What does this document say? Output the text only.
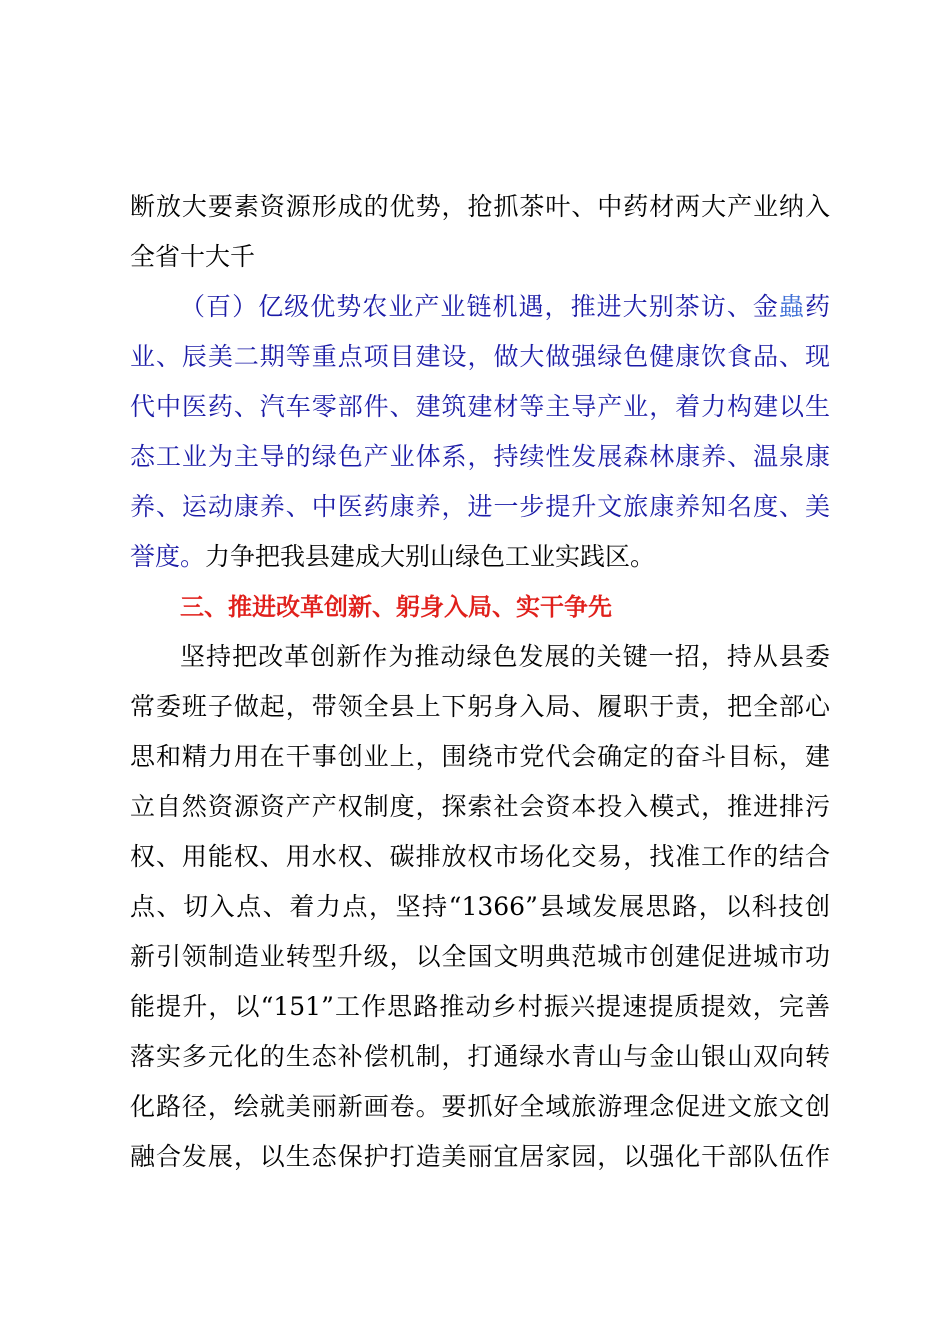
断放大要素资源形成的优势，抢抓茶叶、中药材两大产业纳入
全省十大千
（百）亿级优势农业产业链机遇，推进大别茶访、金蟲药
业、辰美二期等重点项目建设，做大做强绿色健康饮食品、现
代中医药、汽车零部件、建筑建材等主导产业，着力构建以生
态工业为主导的绿色产业体系，持续性发展森林康养、温泉康
养、运动康养、中医药康养，进一步提升文旅康养知名度、美
誉度。力争把我县建成大别山绿色工业实践区。
三、推进改革创新、躬身入局、实干争先
坚持把改革创新作为推动绿色发展的关键一招，持从县委
常委班子做起，带领全县上下躬身入局、履职于责，把全部心
思和精力用在干事创业上，围绕市党代会确定的奋斗目标，建
立自然资源资产产权制度，探索社会资本投入模式，推进排污
权、用能权、用水权、碳排放权市场化交易，找准工作的结合
点、切入点、着力点，坚持“1366”县域发展思路，以科技创
新引领制造业转型升级，以全国文明典范城市创建促进城市功
能提升，以“151”工作思路推动乡村振兴提速提质提效，完善
落实多元化的生态补偿机制，打通绿水青山与金山银山双向转
化路径，绘就美丽新画卷。要抓好全域旅游理念促进文旅文创
融合发展，以生态保护打造美丽宜居家园，以强化干部队伍作
